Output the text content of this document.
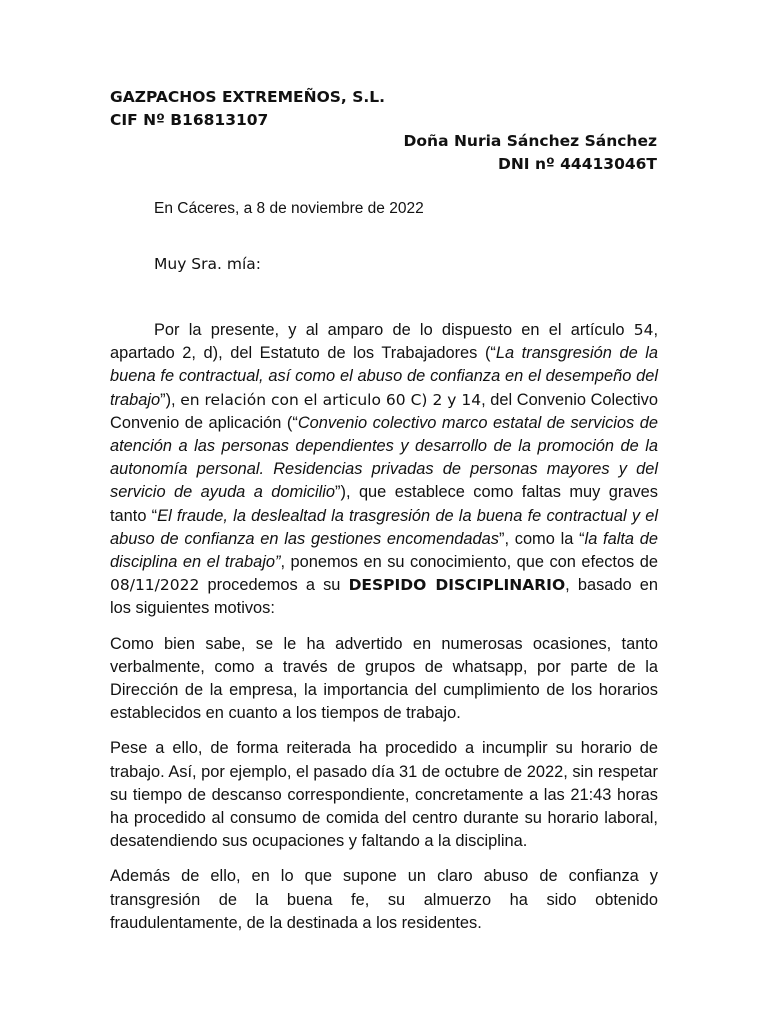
GAZPACHOS EXTREMEÑOS, S.L.
CIF Nº B16813107
Doña Nuria Sánchez Sánchez
DNI nº 44413046T
En Cáceres, a 8 de noviembre de 2022
Muy Sra. mía:

Por la presente, y al amparo de lo dispuesto en el artículo 54, apartado 2, d), del Estatuto de los Trabajadores (“La transgresión de la buena fe contractual, así como el abuso de confianza en el desempeño del trabajo”), en relación con el articulo 60 C) 2 y 14, del Convenio Colectivo Convenio de aplicación (“Convenio colectivo marco estatal de servicios de atención a las personas dependientes y desarrollo de la promoción de la autonomía personal. Residencias privadas de personas mayores y del servicio de ayuda a domicilio”), que establece como faltas muy graves tanto “El fraude, la deslealtad la trasgresión de la buena fe contractual y el abuso de confianza en las gestiones encomendadas”, como la “la falta de disciplina en el trabajo”, ponemos en su conocimiento, que con efectos de 08/11/2022 procedemos a su DESPIDO DISCIPLINARIO, basado en los siguientes motivos:

Como bien sabe, se le ha advertido en numerosas ocasiones, tanto verbalmente, como a través de grupos de whatsapp, por parte de la Dirección de la empresa, la importancia del cumplimiento de los horarios establecidos en cuanto a los tiempos de trabajo.

Pese a ello, de forma reiterada ha procedido a incumplir su horario de trabajo. Así, por ejemplo, el pasado día 31 de octubre de 2022, sin respetar su tiempo de descanso correspondiente, concretamente a las 21:43 horas ha procedido al consumo de comida del centro durante su horario laboral, desatendiendo sus ocupaciones y faltando a la disciplina.

Además de ello, en lo que supone un claro abuso de confianza y transgresión de la buena fe, su almuerzo ha sido obtenido fraudulentamente, de la destinada a los residentes.
